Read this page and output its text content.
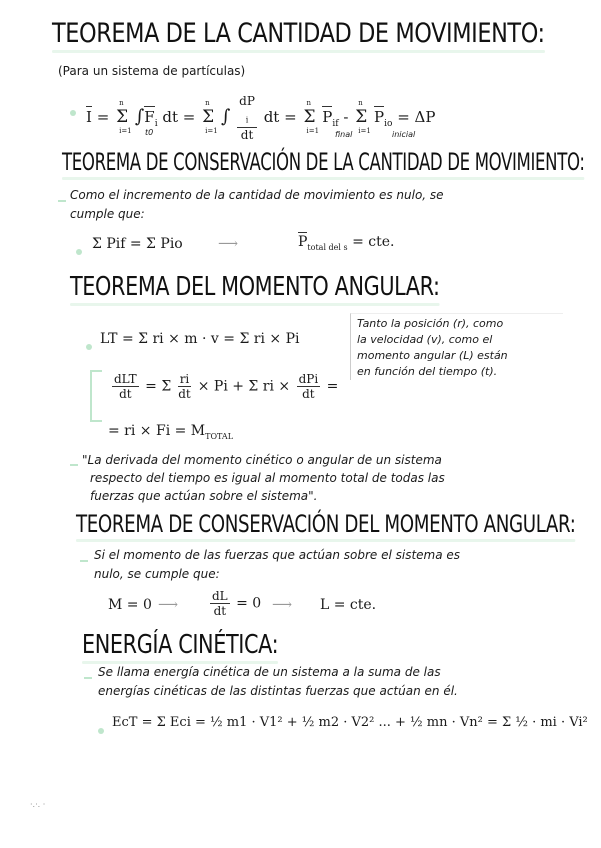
TEOREMA DE LA CANTIDAD DE MOVIMIENTO:
(Para un sistema de partículas)
I = Σ
n
i=1
$\int F_i$ dt = Σ
n
i=1
∫ dP
$_i$
dt dt = Σ
n
i=1
$P_{if}$ - Σ
n
i=1
$P_{io} = \Delta P$
final	inicial
t0
TEOREMA DE CONSERVACIÓN DE LA CANTIDAD DE MOVIMIENTO:
Como el incremento de la cantidad de movimiento es nulo, se
cumple que:
Σ Pif = Σ Pio	⟶	$P_{total del s}$ = cte.
TEOREMA DEL MOMENTO ANGULAR:
LT = Σ ri × m · v = Σ ri × Pi
Tanto la posición (r), como
la velocidad (v), como el
momento angular (L) están
en función del tiempo (t).
$\frac{\text{dLT}}{dt} = \Sigma \frac{ri}{dt} \times Pi + \Sigma$ ri × $\frac{\text{dPi}}{dt}$ =
= ri × $Fi = M_{TOTAL}$
"La derivada del momento cinético o angular de un sistema
respecto del tiempo es igual al momento total de todas las
fuerzas que actúan sobre el sistema".
TEOREMA DE CONSERVACIÓN DEL MOMENTO ANGULAR:
Si el momento de las fuerzas que actúan sobre el sistema es
nulo, se cumple que:
M = 0 ⟶	$\frac{dL}{dt} = 0$ ⟶ L = cte.
ENERGÍA CINÉTICA:
Se llama energía cinética de un sistema a la suma de las
energías cinéticas de las distintas fuerzas que actúan en él.
EcT = Σ Eci = ½ m1 · V1² + ½ m2 · V2² ... + ½ mn · Vn² = Σ ½ · mi · Vi²
·.·. ·
